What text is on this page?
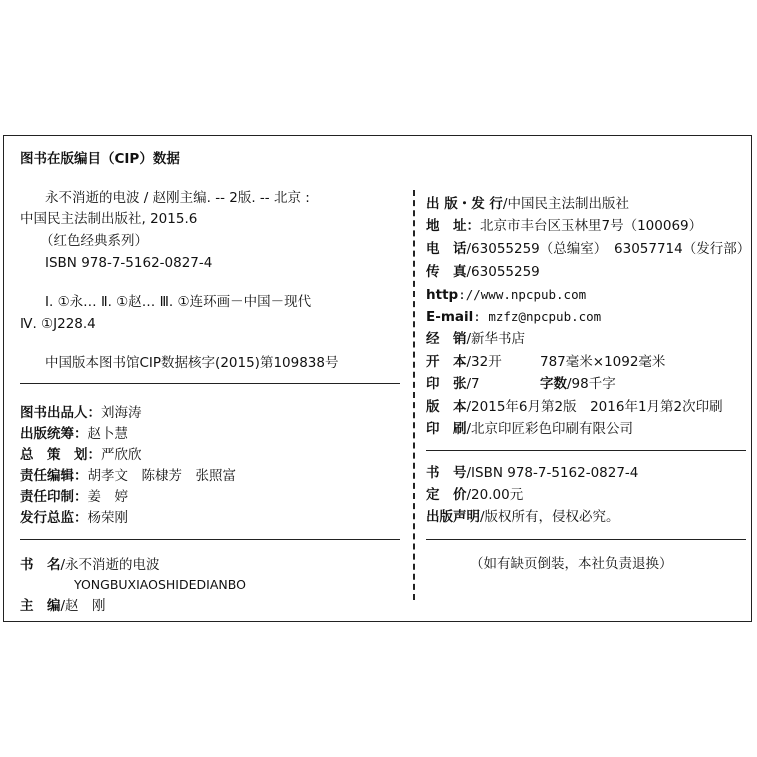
图书在版编目（CIP）数据
永不消逝的电波 / 赵刚主编. -- 2版. -- 北京 :
中国民主法制出版社, 2015.6
（红色经典系列）
ISBN 978-7-5162-0827-4
Ⅰ. ①永… Ⅱ. ①赵… Ⅲ. ①连环画－中国－现代
Ⅳ. ①J228.4
中国版本图书馆CIP数据核字(2015)第109838号
图书出品人：刘海涛
出版统筹：赵卜慧
总　策　划：严欣欣
责任编辑：胡孝文　陈棣芳　张照富
责任印制：姜　婷
发行总监：杨荣刚
书　名/永不消逝的电波
YONGBUXIAOSHIDEDIANBO
主　编/赵　刚
出 版・发 行/中国民主法制出版社
地　址：北京市丰台区玉林里7号（100069）
电　话/63055259（总编室）　63057714（发行部）
传　真/63055259
http://www.npcpub.com
E-mail: mzfz@npcpub.com
经　销/新华书店
开　本/32开	787毫米×1092毫米
印　张/7	字数/98千字
版　本/2015年6月第2版　2016年1月第2次印刷
印　刷/北京印匠彩色印刷有限公司
书　号/ISBN 978-7-5162-0827-4
定　价/20.00元
出版声明/版权所有，侵权必究。
（如有缺页倒装，本社负责退换）
